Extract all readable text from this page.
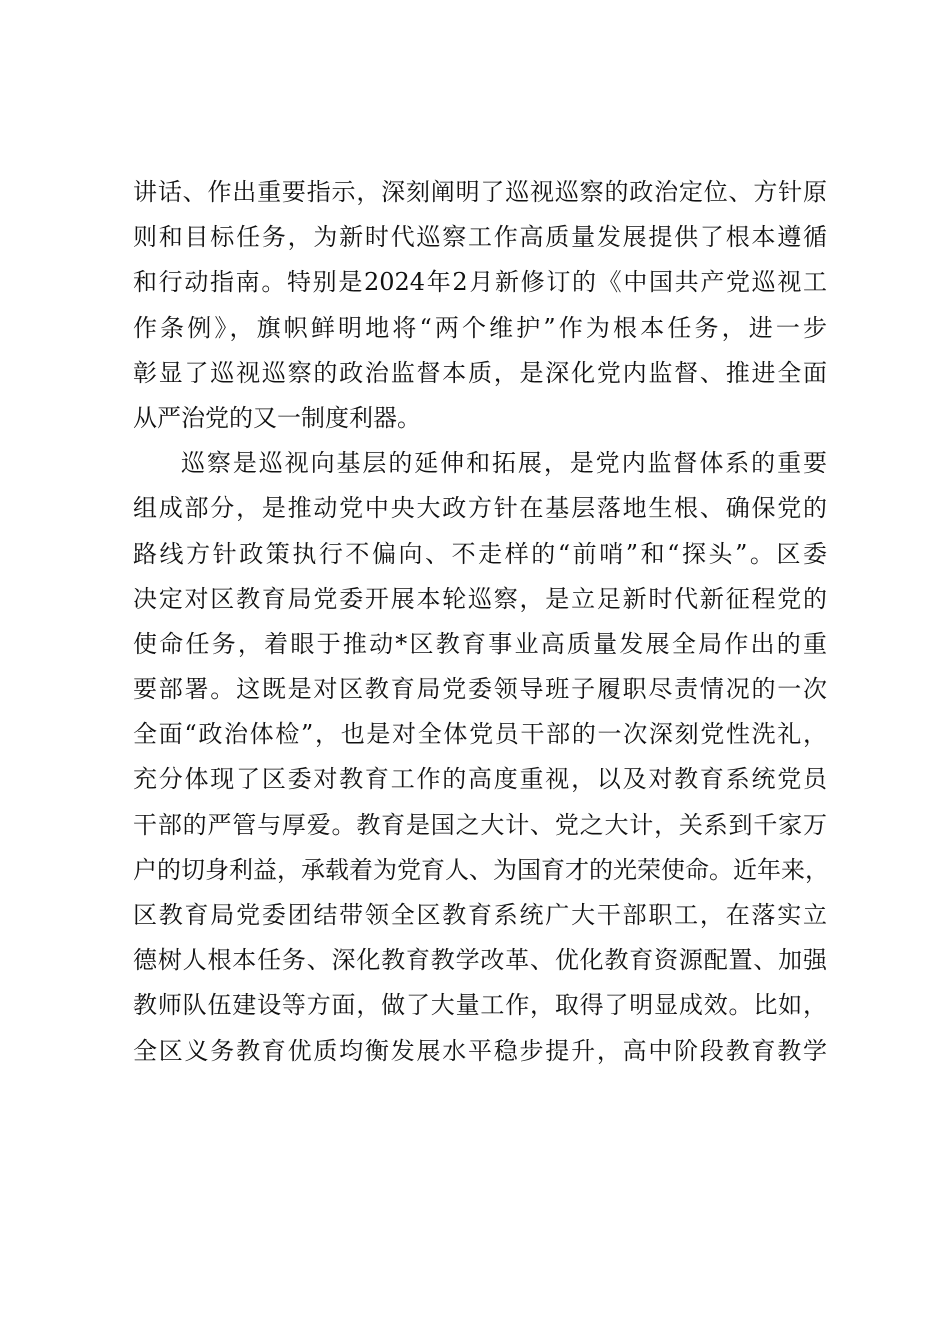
讲话、作出重要指示，深刻阐明了巡视巡察的政治定位、方针原
则和目标任务，为新时代巡察工作高质量发展提供了根本遵循
和行动指南。特别是2024年2月新修订的《中国共产党巡视工
作条例》，旗帜鲜明地将“两个维护”作为根本任务，进一步
彰显了巡视巡察的政治监督本质，是深化党内监督、推进全面
从严治党的又一制度利器。
巡察是巡视向基层的延伸和拓展，是党内监督体系的重要
组成部分，是推动党中央大政方针在基层落地生根、确保党的
路线方针政策执行不偏向、不走样的“前哨”和“探头”。区委
决定对区教育局党委开展本轮巡察，是立足新时代新征程党的
使命任务，着眼于推动*区教育事业高质量发展全局作出的重
要部署。这既是对区教育局党委领导班子履职尽责情况的一次
全面“政治体检”，也是对全体党员干部的一次深刻党性洗礼，
充分体现了区委对教育工作的高度重视，以及对教育系统党员
干部的严管与厚爱。教育是国之大计、党之大计，关系到千家万
户的切身利益，承载着为党育人、为国育才的光荣使命。近年来，
区教育局党委团结带领全区教育系统广大干部职工，在落实立
德树人根本任务、深化教育教学改革、优化教育资源配置、加强
教师队伍建设等方面，做了大量工作，取得了明显成效。比如，
全区义务教育优质均衡发展水平稳步提升，高中阶段教育教学
